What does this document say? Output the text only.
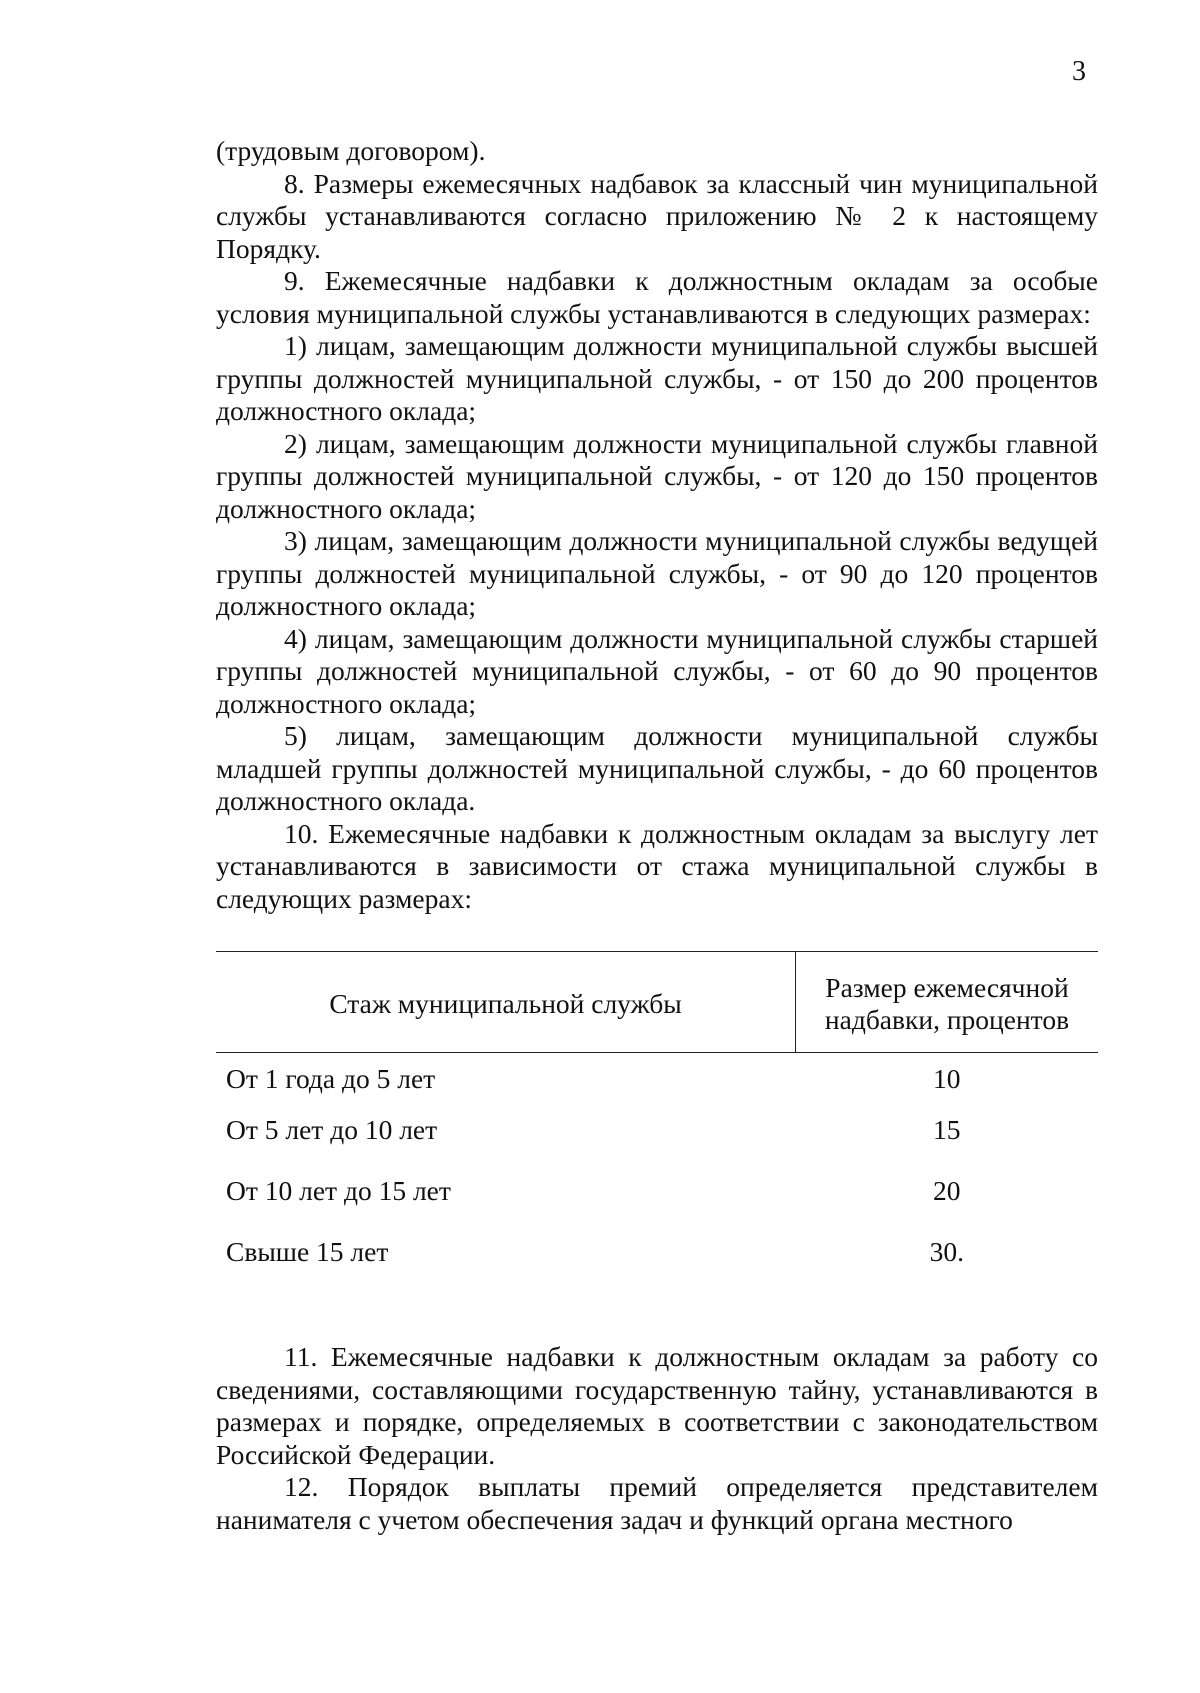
3

(трудовым договором).

8. Размеры ежемесячных надбавок за классный чин муниципальной службы устанавливаются согласно приложению № 2 к настоящему Порядку.

9. Ежемесячные надбавки к должностным окладам за особые условия муниципальной службы устанавливаются в следующих размерах:

1) лицам, замещающим должности муниципальной службы высшей группы должностей муниципальной службы, - от 150 до 200 процентов должностного оклада;

2) лицам, замещающим должности муниципальной службы главной группы должностей муниципальной службы, - от 120 до 150 процентов должностного оклада;

3) лицам, замещающим должности муниципальной службы ведущей группы должностей муниципальной службы, - от 90 до 120 процентов должностного оклада;

4) лицам, замещающим должности муниципальной службы старшей группы должностей муниципальной службы, - от 60 до 90 процентов должностного оклада;

5) лицам, замещающим должности муниципальной службы младшей группы должностей муниципальной службы, - до 60 процентов должностного оклада.

10. Ежемесячные надбавки к должностным окладам за выслугу лет устанавливаются в зависимости от стажа муниципальной службы в следующих размерах:

Стаж муниципальной службы	Размер ежемесячной надбавки, процентов
От 1 года до 5 лет	10
От 5 лет до 10 лет	15
От 10 лет до 15 лет	20
Свыше 15 лет	30.

11. Ежемесячные надбавки к должностным окладам за работу со сведениями, составляющими государственную тайну, устанавливаются в размерах и порядке, определяемых в соответствии с законодательством Российской Федерации.

12. Порядок выплаты премий определяется представителем нанимателя с учетом обеспечения задач и функций органа местного
